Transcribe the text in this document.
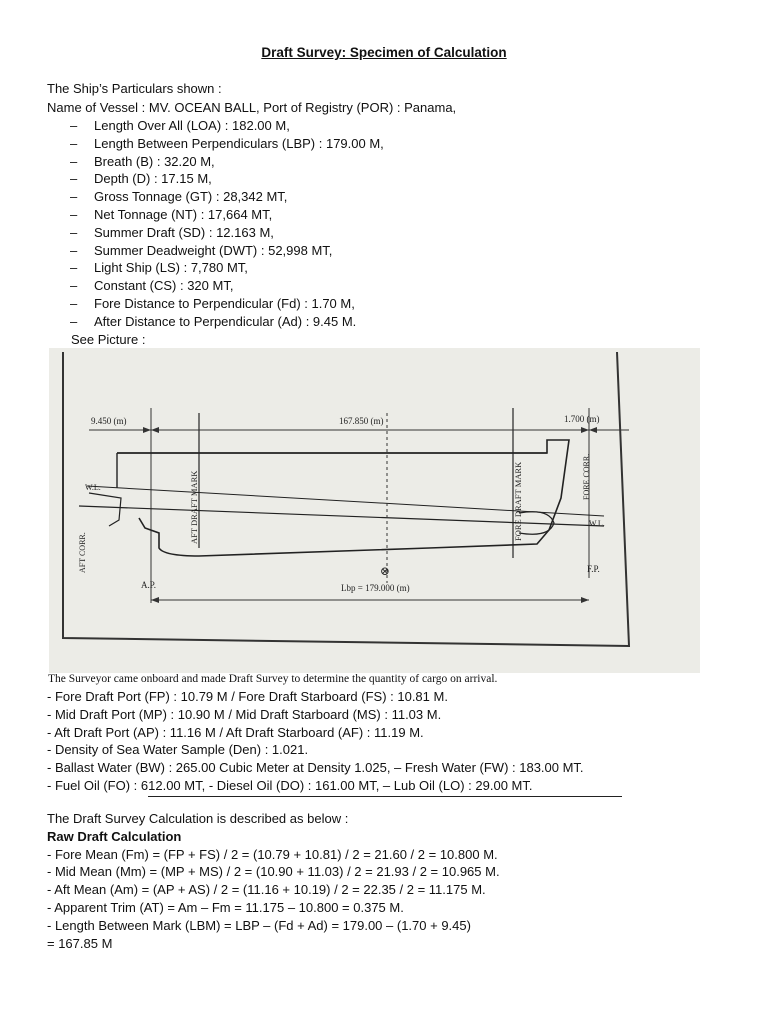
Draft Survey: Specimen of Calculation
The Ship’s Particulars shown :
Name of Vessel : MV. OCEAN BALL, Port of Registry (POR) : Panama,
– Length Over All (LOA) : 182.00 M,
– Length Between Perpendiculars (LBP) : 179.00 M,
– Breath (B) : 32.20 M,
– Depth (D) : 17.15 M,
– Gross Tonnage (GT) : 28,342 MT,
– Net Tonnage (NT) : 17,664 MT,
– Summer Draft (SD) : 12.163 M,
– Summer Deadweight (DWT) : 52,998 MT,
– Light Ship (LS) : 7,780 MT,
– Constant (CS) : 320 MT,
– Fore Distance to Perpendicular (Fd) : 1.70 M,
– After Distance to Perpendicular (Ad) : 9.45 M.
See Picture :
9.450 (m)	167.850 (m)	1.700 (m)
⊗
AFT DRAFT MARK	FORE DRAFT MARK
AFT CORR.
FORE CORR.
W.L.
W.L.
A.P.
F.P.
Lbp = 179.000 (m)
The Surveyor came onboard and made Draft Survey to determine the quantity of cargo on arrival.
- Fore Draft Port (FP) : 10.79 M / Fore Draft Starboard (FS) : 10.81 M.
- Mid Draft Port (MP) : 10.90 M / Mid Draft Starboard (MS) : 11.03 M.
- Aft Draft Port (AP) : 11.16 M / Aft Draft Starboard (AF) : 11.19 M.
- Density of Sea Water Sample (Den) : 1.021.
- Ballast Water (BW) : 265.00 Cubic Meter at Density 1.025, – Fresh Water (FW) : 183.00 MT.
- Fuel Oil (FO) : 612.00 MT, - Diesel Oil (DO) : 161.00 MT, – Lub Oil (LO) : 29.00 MT.
The Draft Survey Calculation is described as below :
Raw Draft Calculation
- Fore Mean (Fm) = (FP + FS) / 2 = (10.79 + 10.81) / 2 = 21.60 / 2 = 10.800 M.
- Mid Mean (Mm) = (MP + MS) / 2 = (10.90 + 11.03) / 2 = 21.93 / 2 = 10.965 M.
- Aft Mean (Am) = (AP + AS) / 2 = (11.16 + 10.19) / 2 = 22.35 / 2 = 11.175 M.
- Apparent Trim (AT) = Am – Fm = 11.175 – 10.800 = 0.375 M.
- Length Between Mark (LBM) = LBP – (Fd + Ad) = 179.00 – (1.70 + 9.45)
= 167.85 M
